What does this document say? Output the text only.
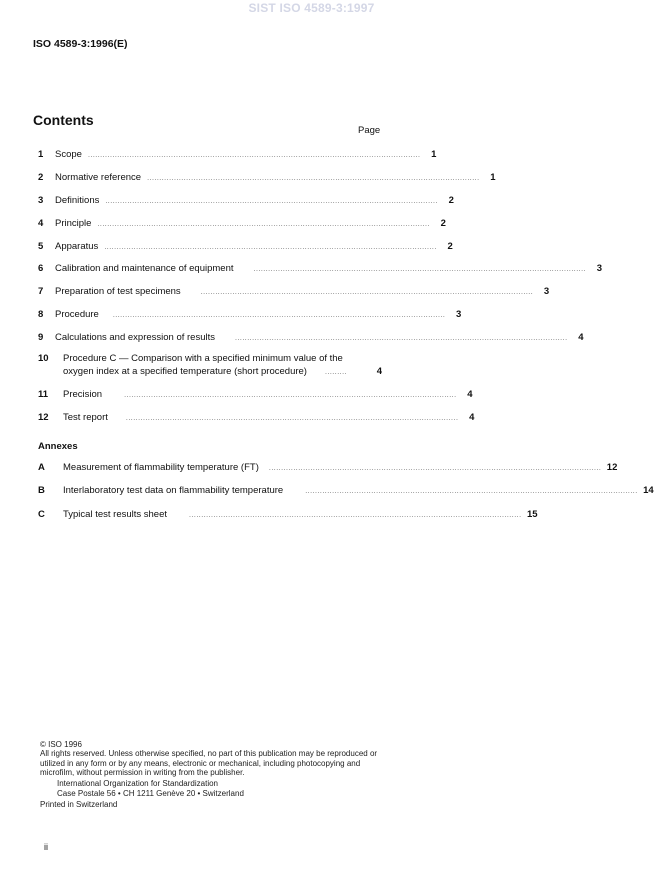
SIST ISO 4589-3:1997
ISO 4589-3:1996(E)
Contents
Page
1	Scope ........................................................................................................................................	1
2	Normative reference ........................................................................................................................................	1
3	Definitions ........................................................................................................................................	2
4	Principle ........................................................................................................................................	2
5	Apparatus ........................................................................................................................................	2
6	Calibration and maintenance of equipment	........................................................................................................................................	3
7	Preparation of test specimens	........................................................................................................................................	3
8	Procedure ........................................................................................................................................	3
9	Calculations and expression of results	........................................................................................................................................	4
10	Procedure C — Comparison with a specified minimum value of the
oxygen index at a specified temperature (short procedure)	.........	4
11	Precision	........................................................................................................................................	4
12	Test report	........................................................................................................................................	4
A	Measurement of flammability temperature (FT) ........................................................................................................................................ 12
B	Interlaboratory test data on flammability temperature	........................................................................................................................................ 14
C	Typical test results sheet	........................................................................................................................................ 15
Annexes
© ISO 1996
All rights reserved. Unless otherwise specified, no part of this publication may be reproduced or utilized in any form or by any means, electronic or mechanical, including photocopying and microfilm, without permission in writing from the publisher.
International Organization for Standardization
Case Postale 56 • CH 1211 Genève 20 • Switzerland
Printed in Switzerland
ii
